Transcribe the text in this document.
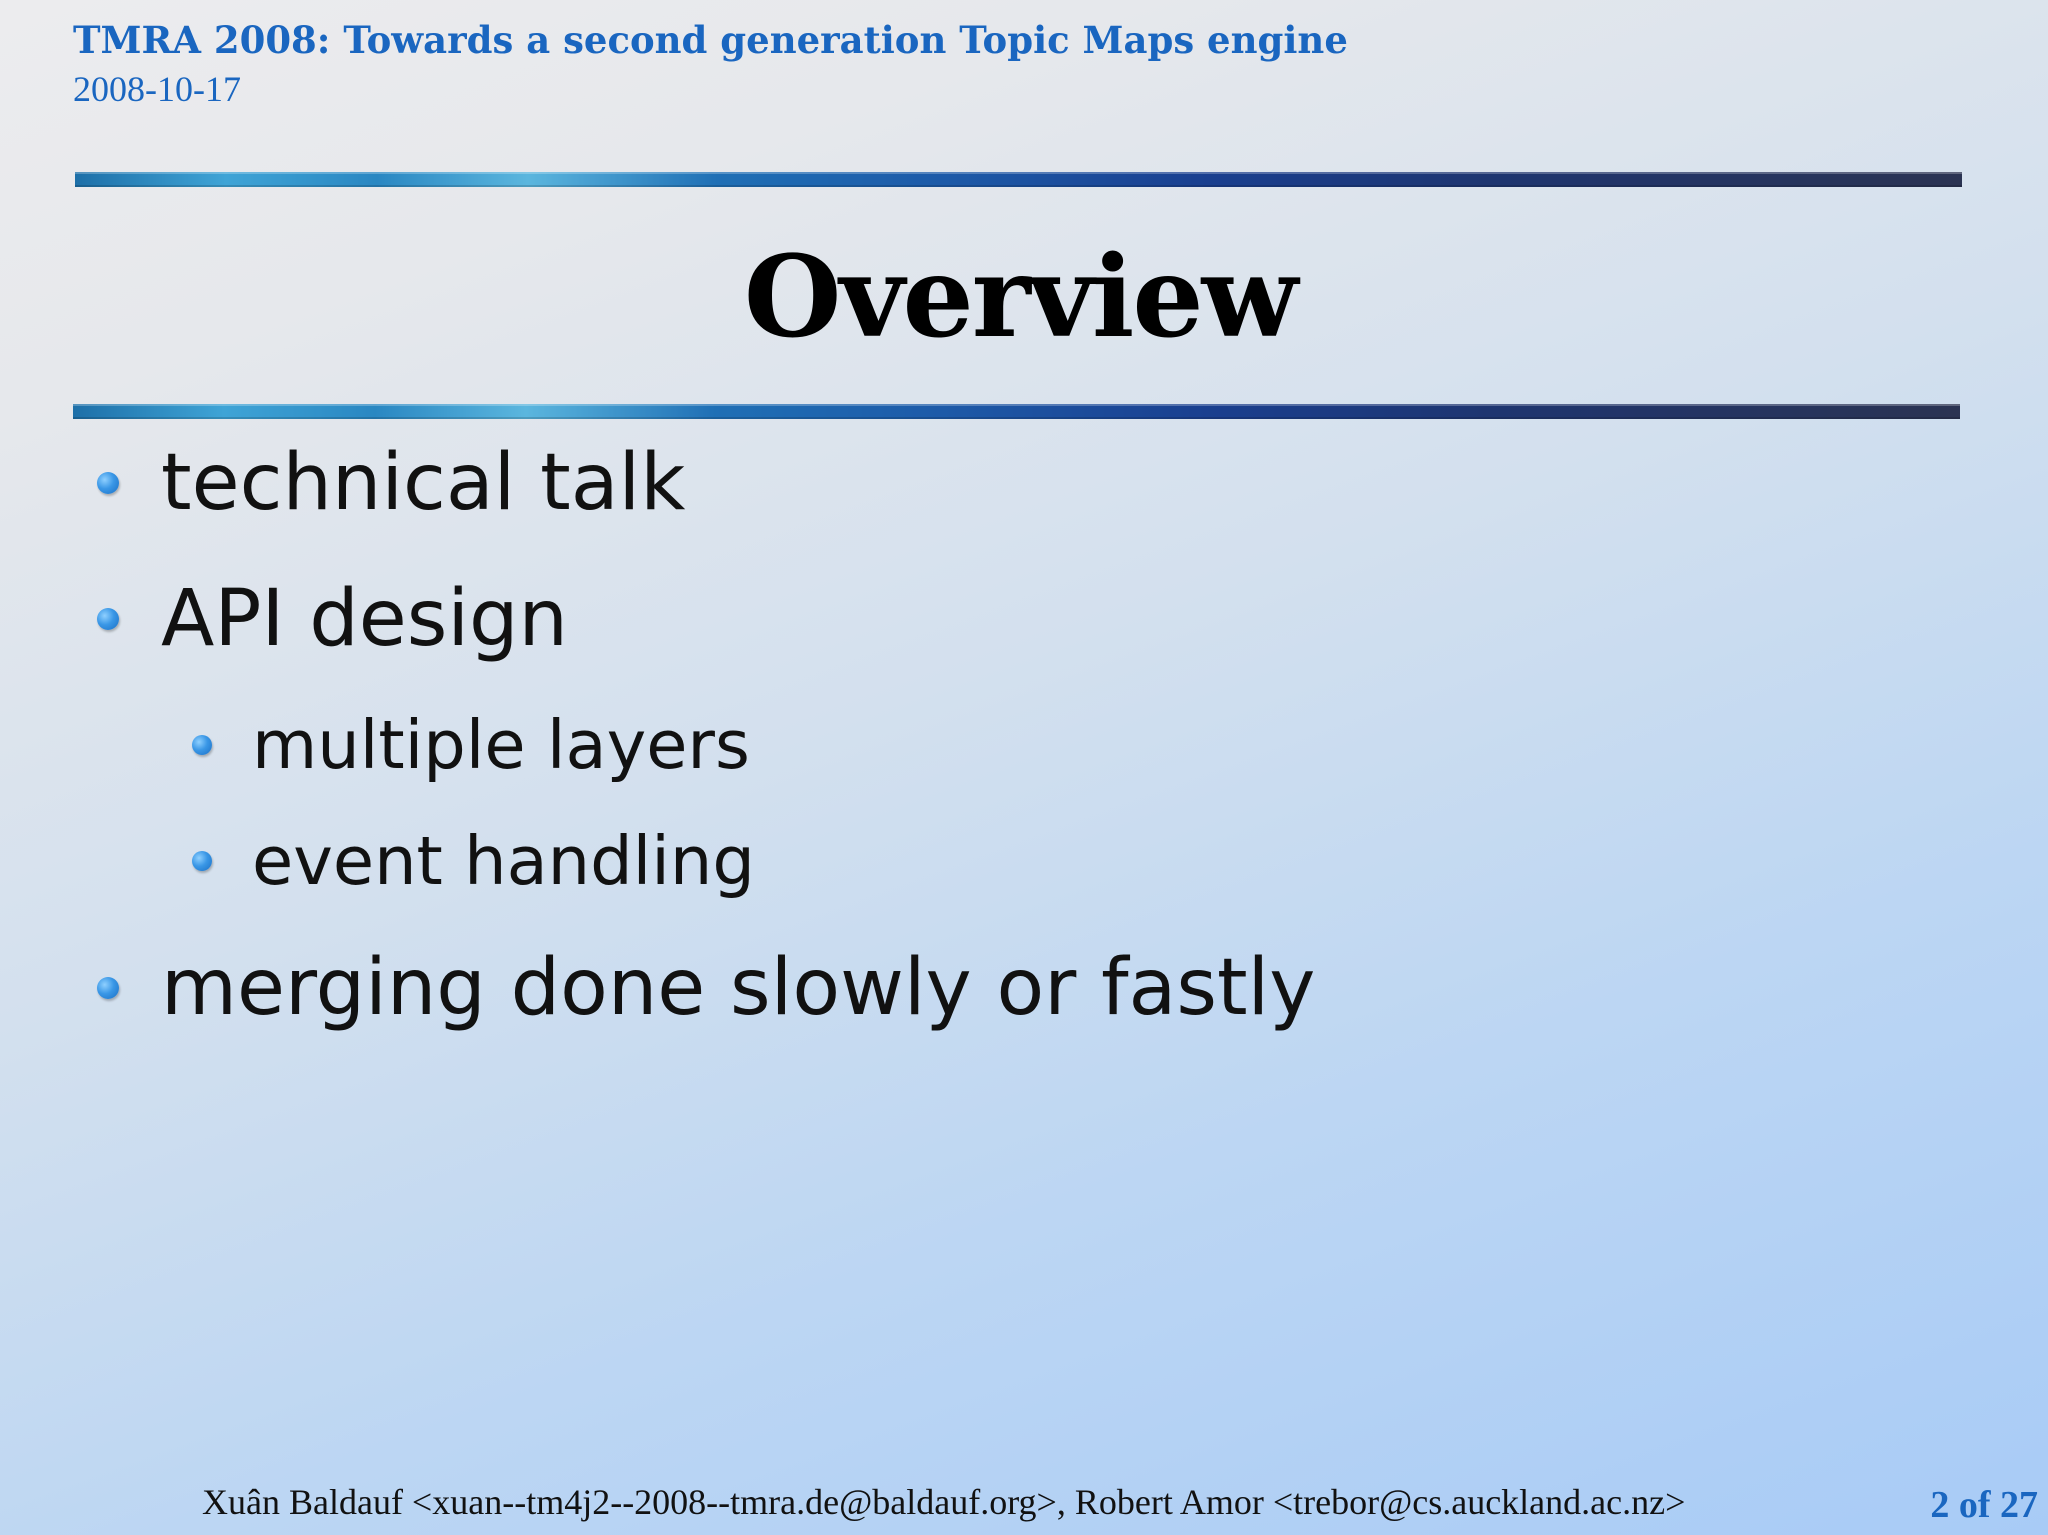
TMRA 2008: Towards a second generation Topic Maps engine
2008-10-17
Overview
technical talk
API design
multiple layers
event handling
merging done slowly or fastly
Xuân Baldauf <xuan--tm4j2--2008--tmra.de@baldauf.org>, Robert Amor <trebor@cs.auckland.ac.nz>	2 of 27
